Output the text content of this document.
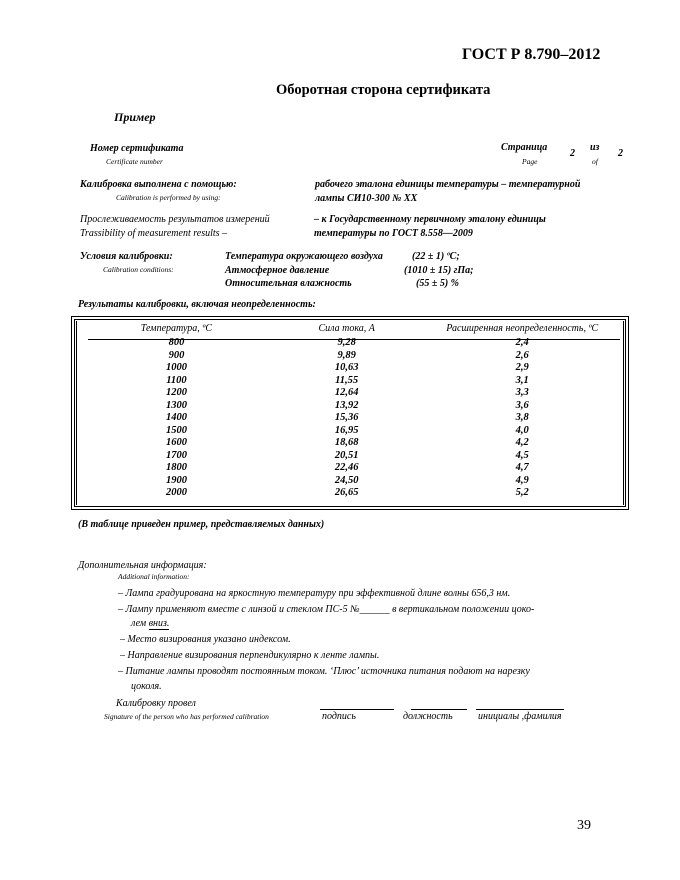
ГОСТ Р 8.790–2012
Оборотная сторона сертификата
Пример
Номер сертификата
Certificate number
Страница
Page
2
из
of
2
Калибровка выполнена с помощью:
Calibration is performed by using:
рабочего эталона единицы температуры – температурной
лампы СИ10-300 № ХХ
Прослеживаемость результатов измерений
Trassibility of measurement results –
– к Государственному первичному эталону единицы
температуры по ГОСТ 8.558—2009
Условия калибровки:
Calibration conditions:
Температура окружающего воздуха	(22 ± 1) ºС;
Атмосферное давление	(1010 ± 15) гПа;
Относительная влажность	(55 ± 5) %
Результаты калибровки, включая неопределенность:
Температура, ºС	Сила тока, А	Расширенная неопределенность, ºС
800	9,28	2,4
900	9,89	2,6
1000	10,63	2,9
1100	11,55	3,1
1200	12,64	3,3
1300	13,92	3,6
1400	15,36	3,8
1500	16,95	4,0
1600	18,68	4,2
1700	20,51	4,5
1800	22,46	4,7
1900	24,50	4,9
2000	26,65	5,2
(В таблице приведен пример, представляемых данных)
Дополнительная информация:
Additional information:
– Лампа градуирована на яркостную температуру при эффективной длине волны 656,3 нм.
– Лампу применяют вместе с линзой и стеклом ПС-5 №______ в вертикальном положении цоко-
лем вниз.
– Место визирования указано индексом.
– Направление визирования перпендикулярно к ленте лампы.
– Питание лампы проводят постоянным током. ‘Плюс’ источника питания подают на нарезку
цоколя.
Калибровку провел
Signature of the person who has performed calibration	подпись	должность	инициалы ,фамилия
39
